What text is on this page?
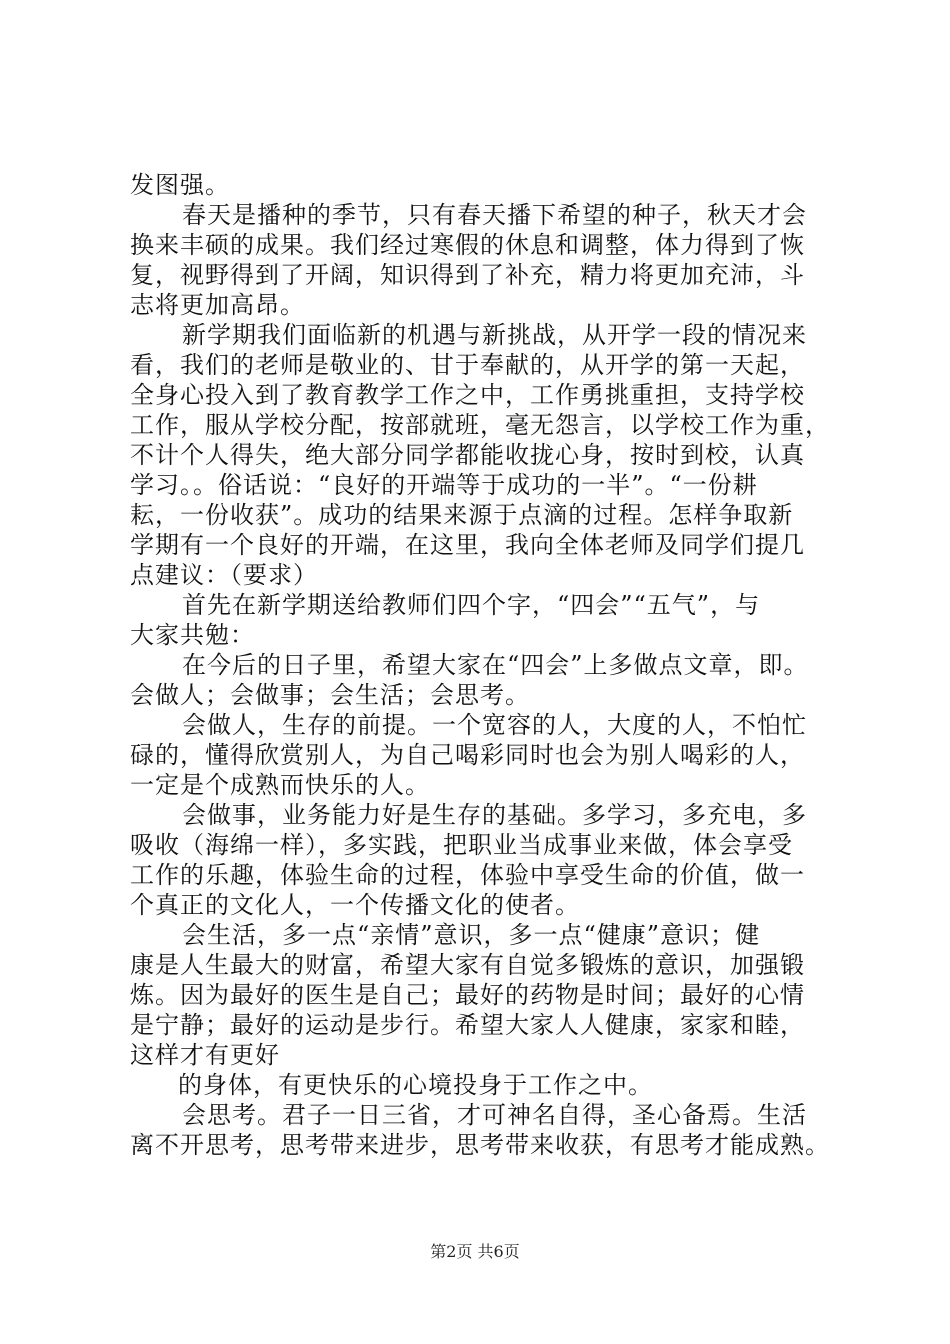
发图强。
春天是播种的季节，只有春天播下希望的种子，秋天才会
换来丰硕的成果。我们经过寒假的休息和调整，体力得到了恢
复，视野得到了开阔，知识得到了补充，精力将更加充沛，斗
志将更加高昂。
新学期我们面临新的机遇与新挑战，从开学一段的情况来
看，我们的老师是敬业的、甘于奉献的，从开学的第一天起，
全身心投入到了教育教学工作之中，工作勇挑重担，支持学校
工作，服从学校分配，按部就班，毫无怨言，以学校工作为重，
不计个人得失，绝大部分同学都能收拢心身，按时到校，认真
学习。。俗话说：“良好的开端等于成功的一半”。“一份耕
耘，一份收获”。成功的结果来源于点滴的过程。怎样争取新
学期有一个良好的开端，在这里，我向全体老师及同学们提几
点建议：（要求）
首先在新学期送给教师们四个字，“四会”“五气”，与
大家共勉：
在今后的日子里，希望大家在“四会”上多做点文章，即。
会做人；会做事；会生活；会思考。
会做人，生存的前提。一个宽容的人，大度的人，不怕忙
碌的，懂得欣赏别人，为自己喝彩同时也会为别人喝彩的人，
一定是个成熟而快乐的人。
会做事，业务能力好是生存的基础。多学习，多充电，多
吸收（海绵一样），多实践，把职业当成事业来做，体会享受
工作的乐趣，体验生命的过程，体验中享受生命的价值，做一
个真正的文化人，一个传播文化的使者。
会生活，多一点“亲情”意识，多一点“健康”意识；健
康是人生最大的财富，希望大家有自觉多锻炼的意识，加强锻
炼。因为最好的医生是自己；最好的药物是时间；最好的心情
是宁静；最好的运动是步行。希望大家人人健康，家家和睦，
这样才有更好
的身体，有更快乐的心境投身于工作之中。
会思考。君子一日三省，才可神名自得，圣心备焉。生活
离不开思考，思考带来进步，思考带来收获，有思考才能成熟。
第2页 共6页
